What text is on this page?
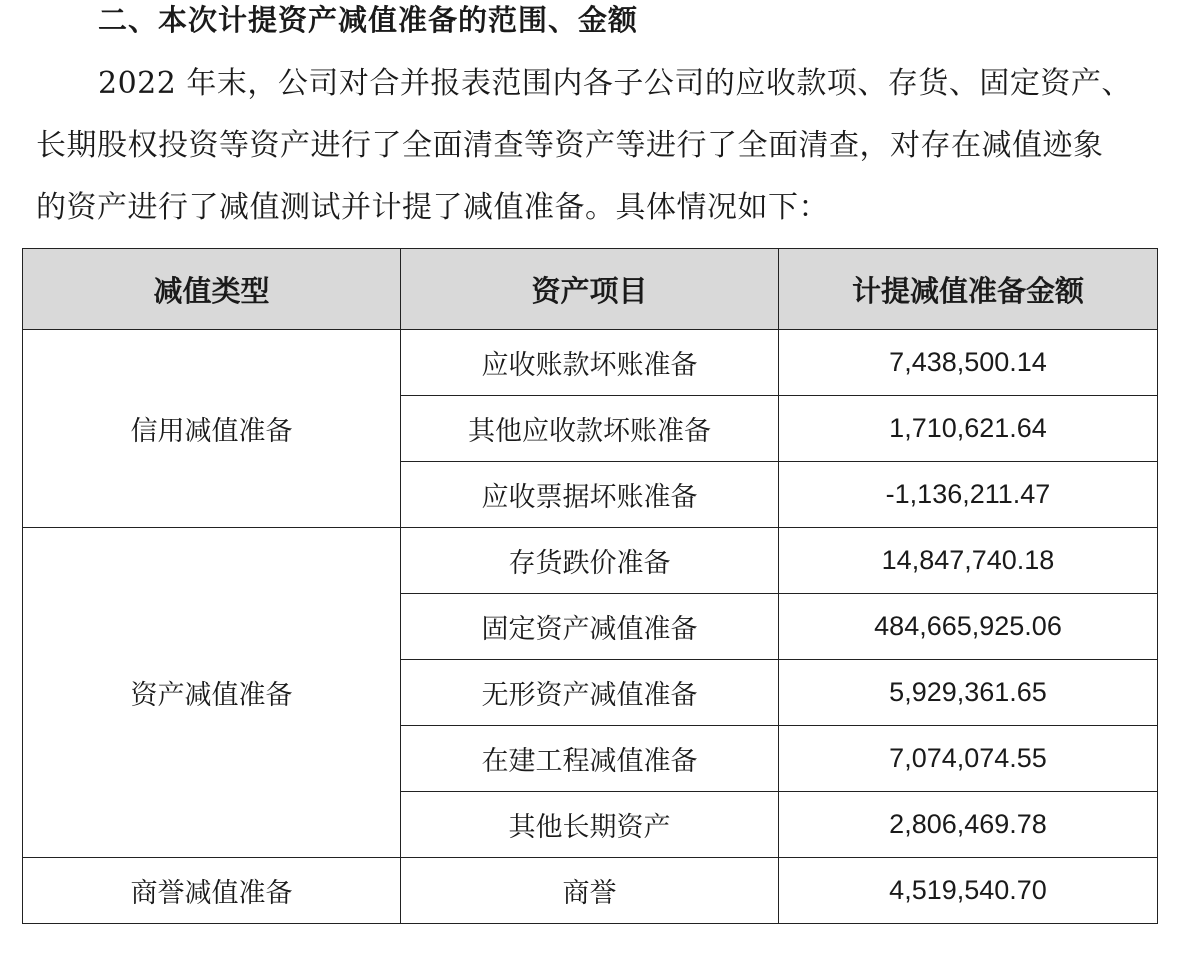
二、本次计提资产减值准备的范围、金额
2022 年末，公司对合并报表范围内各子公司的应收款项、存货、固定资产、
长期股权投资等资产进行了全面清查等资产等进行了全面清查，对存在减值迹象
的资产进行了减值测试并计提了减值准备。具体情况如下：
减值类型	资产项目	计提减值准备金额
信用减值准备	应收账款坏账准备	7,438,500.14
	其他应收款坏账准备	1,710,621.64
	应收票据坏账准备	-1,136,211.47
资产减值准备	存货跌价准备	14,847,740.18
	固定资产减值准备	484,665,925.06
	无形资产减值准备	5,929,361.65
	在建工程减值准备	7,074,074.55
	其他长期资产	2,806,469.78
商誉减值准备	商誉	4,519,540.70
